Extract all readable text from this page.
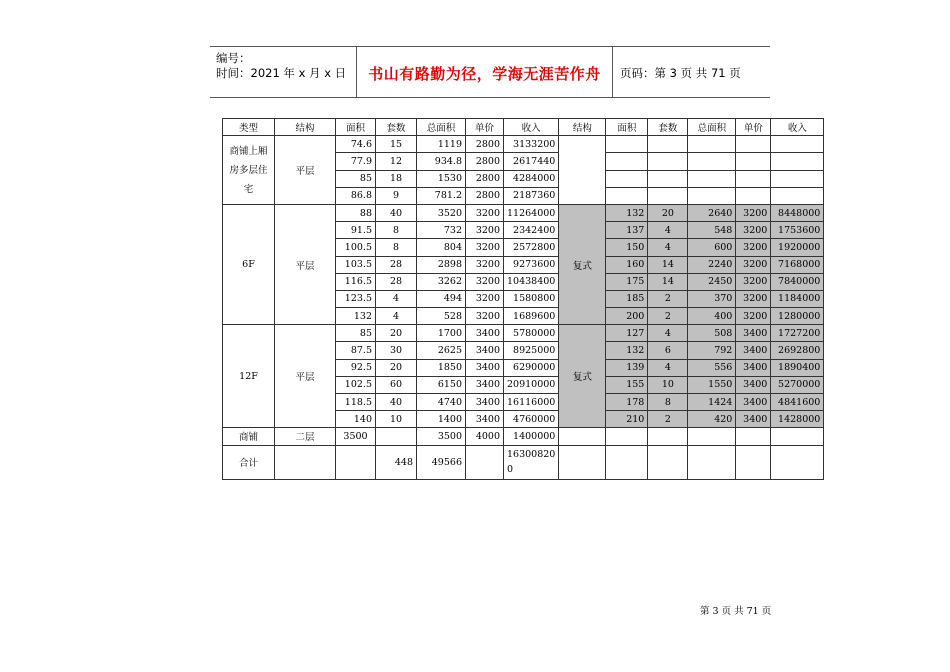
编号：
时间：2021 年 x 月 x 日	书山有路勤为径，学海无涯苦作舟	页码：第 3 页 共 71 页
类型	结构	面积	套数	总面积	单价	收入	结构	面积	套数	总面积	单价	收入
商铺上厢房多层住宅	平层	74.6	15	1119	2800	3133200						
		77.9	12	934.8	2800	2617440						
		85	18	1530	2800	4284000						
		86.8	9	781.2	2800	2187360						
6F	平层	88	40	3520	3200	11264000	复式	132	20	2640	3200	8448000
		91.5	8	732	3200	2342400		137	4	548	3200	1753600
		100.5	8	804	3200	2572800		150	4	600	3200	1920000
		103.5	28	2898	3200	9273600		160	14	2240	3200	7168000
		116.5	28	3262	3200	10438400		175	14	2450	3200	7840000
		123.5	4	494	3200	1580800		185	2	370	3200	1184000
		132	4	528	3200	1689600		200	2	400	3200	1280000
12F	平层	85	20	1700	3400	5780000	复式	127	4	508	3400	1727200
		87.5	30	2625	3400	8925000		132	6	792	3400	2692800
		92.5	20	1850	3400	6290000		139	4	556	3400	1890400
		102.5	60	6150	3400	20910000		155	10	1550	3400	5270000
		118.5	40	4740	3400	16116000		178	8	1424	3400	4841600
		140	10	1400	3400	4760000		210	2	420	3400	1428000
商铺	二层	3500		3500	4000	1400000						
合计			448	49566		16300820
0						

第 3 页 共 71 页
